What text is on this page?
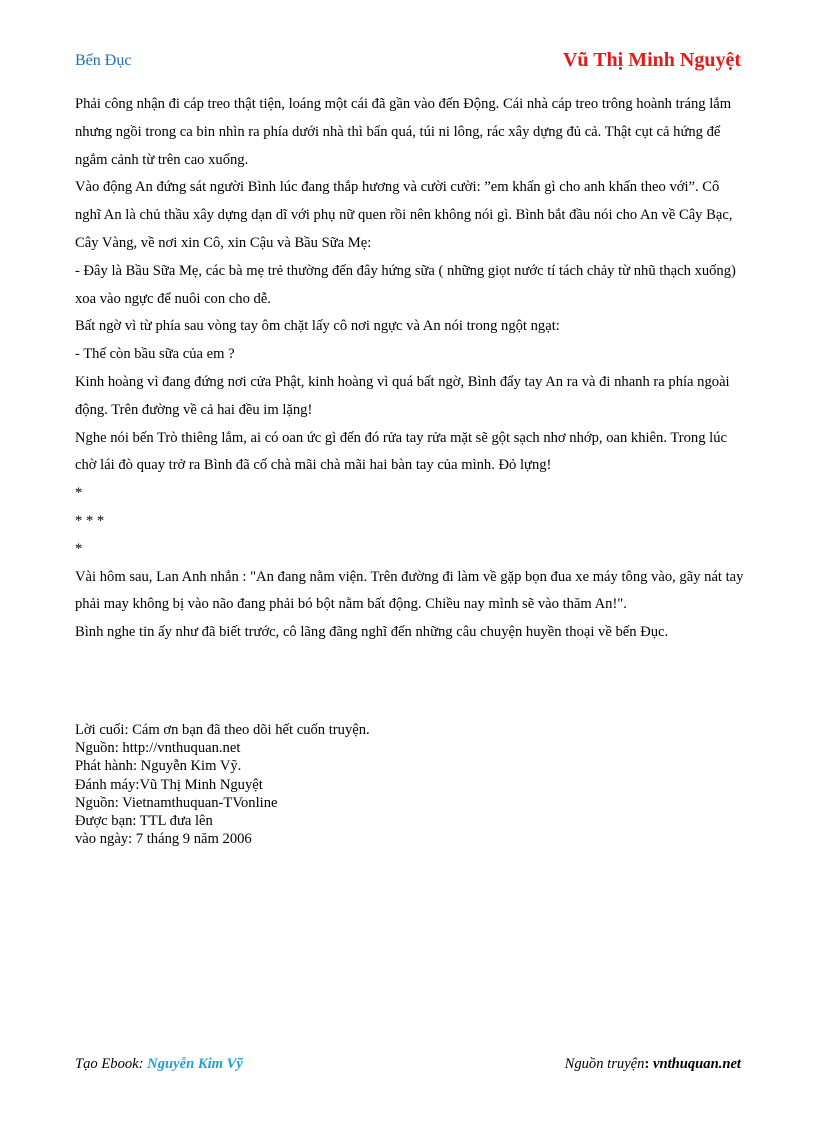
Bến Đục	Vũ Thị Minh Nguyệt

Phải công nhận đi cáp treo thật tiện, loáng một cái đã gần vào đến Động. Cái nhà cáp treo trông hoành tráng lắm nhưng ngồi trong ca bin nhìn ra phía dưới nhà thì bẩn quá, túi ni lông, rác xây dựng đủ cả. Thật cụt cả hứng để ngắm cảnh từ trên cao xuống.

Vào động An đứng sát người Bình lúc đang thắp hương và cười cười: ”em khấn gì cho anh khấn theo với”. Cô nghĩ An là chủ thầu xây dựng dạn dĩ với phụ nữ quen rồi nên không nói gì. Bình bắt đầu nói cho An về Cây Bạc, Cây Vàng, về nơi xin Cô, xin Cậu và Bầu Sữa Mẹ:

- Đây là Bầu Sữa Mẹ, các bà mẹ trẻ thường đến đây hứng sữa ( những giọt nước tí tách chảy từ nhũ thạch xuống) xoa vào ngực để nuôi con cho dễ.

Bất ngờ vì từ phía sau vòng tay ôm chặt lấy cô nơi ngực và An nói trong ngột ngạt:

- Thế còn bầu sữa của em ?

Kinh hoàng vì đang đứng nơi cửa Phật, kinh hoàng vì quá bất ngờ, Bình đẩy tay An ra và đi nhanh ra phía ngoài động. Trên đường về cả hai đều im lặng!

Nghe nói bến Trò thiêng lắm, ai có oan ức gì đến đó rửa tay rửa mặt sẽ gột sạch nhơ nhớp, oan khiên. Trong lúc chờ lái đò quay trở ra Bình đã cố chà mãi chà mãi hai bàn tay của mình. Đỏ lựng!

*

* * *

*

Vài hôm sau, Lan Anh nhắn : "An đang nằm viện. Trên đường đi làm về gặp bọn đua xe máy tông vào, gãy nát tay phải may không bị vào não đang phải bó bột nằm bất động. Chiều nay mình sẽ vào thăm An!".

Bình nghe tin ấy như đã biết trước, cô lãng đãng nghĩ đến những câu chuyện huyền thoại về bến Đục.

Lời cuối: Cám ơn bạn đã theo dõi hết cuốn truyện.
Nguồn: http://vnthuquan.net
Phát hành: Nguyễn Kim Vỹ.
Đánh máy:Vũ Thị Minh Nguyệt
Nguồn: Vietnamthuquan-TVonline
Được bạn: TTL đưa lên
vào ngày: 7 tháng 9 năm 2006
Tạo Ebook: Nguyễn Kim Vỹ	Nguồn truyện: vnthuquan.net
